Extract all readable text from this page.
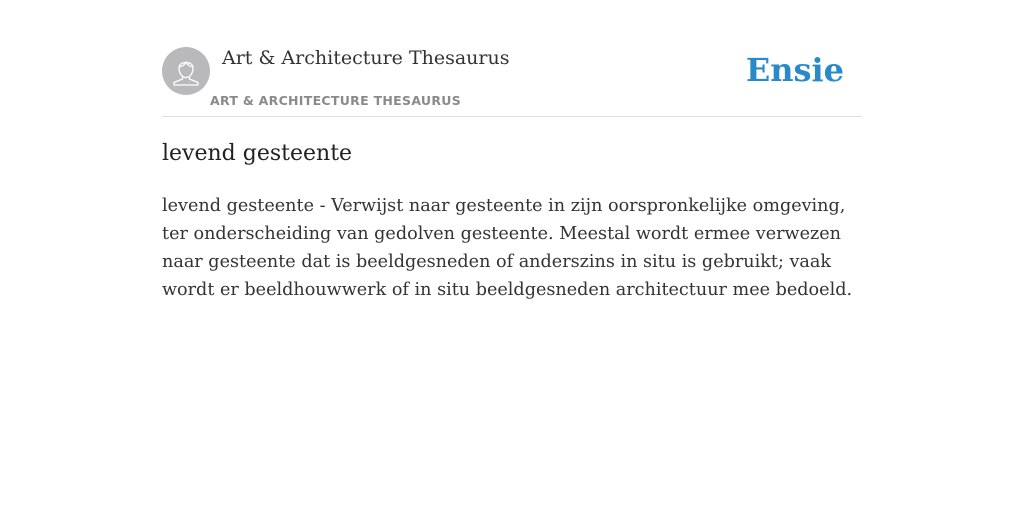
Art & Architecture Thesaurus
ART & ARCHITECTURE THESAURUS
Ensie
levend gesteente

levend gesteente - Verwijst naar gesteente in zijn oorspronkelijke omgeving, ter onderscheiding van gedolven gesteente. Meestal wordt ermee verwezen naar gesteente dat is beeldgesneden of anderszins in situ is gebruikt; vaak wordt er beeldhouwwerk of in situ beeldgesneden architectuur mee bedoeld.
